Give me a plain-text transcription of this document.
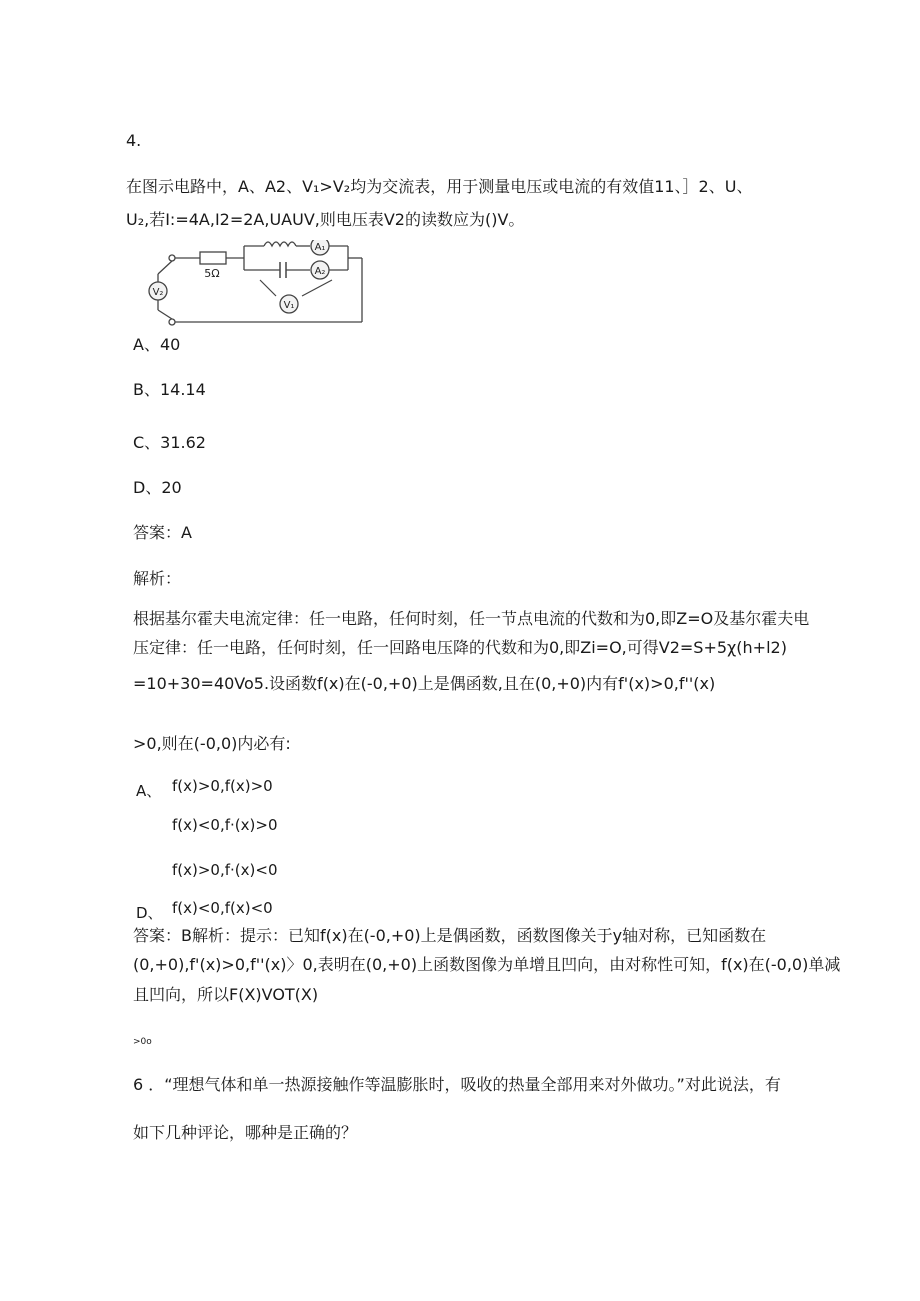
4.
在图示电路中，A、A2、V₁>V₂均为交流表，用于测量电压或电流的有效值11、］2、U、
U₂,若I:=4A,I2=2A,UAUV,则电压表V2的读数应为()V。
V₂
5Ω
A₁
A₂
V₁
A、40
B、14.14
C、31.62
D、20
答案：A
解析：
根据基尔霍夫电流定律：任一电路，任何时刻，任一节点电流的代数和为0,即Z=O及基尔霍夫电
压定律：任一电路，任何时刻，任一回路电压降的代数和为0,即Zi=O,可得V2=S+5χ(h+l2)
=10+30=40Vo5.设函数f(x)在(-0,+0)上是偶函数,且在(0,+0)内有f'(x)>0,f''(x)
>0,则在(-0,0)内必有:
A、 f(x)>0,f(x)>0
f(x)<0,f·(x)>0
f(x)>0,f·(x)<0
D、 f(x)<0,f(x)<0
答案：B解析：提示：已知f(x)在(-0,+0)上是偶函数，函数图像关于y轴对称，已知函数在
(0,+0),f'(x)>0,f''(x)〉0,表明在(0,+0)上函数图像为单增且凹向，由对称性可知，f(x)在(-0,0)单减
且凹向，所以F(X)VOT(X)
>0o
6 ．“理想气体和单一热源接触作等温膨胀时，吸收的热量全部用来对外做功。”对此说法，有
如下几种评论，哪种是正确的？
